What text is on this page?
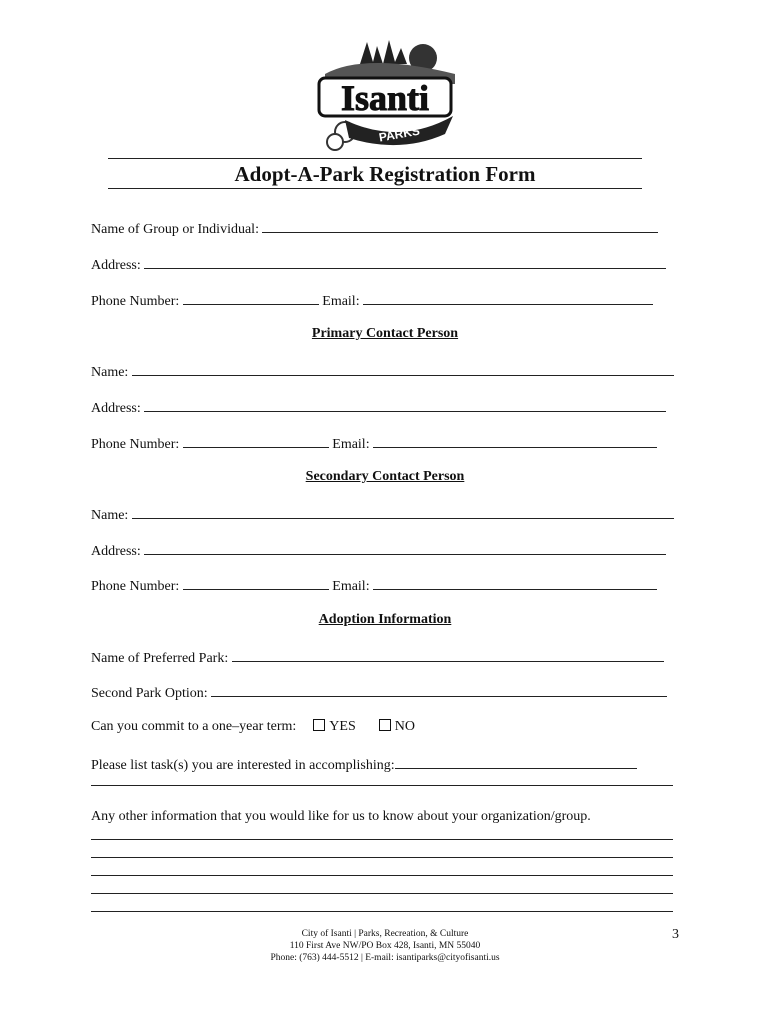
Isanti
PARKS
Adopt-A-Park Registration Form
Name of Group or Individual:
Address:
Phone Number:	Email:
Primary Contact Person
Name:
Address:
Phone Number:	Email:
Secondary Contact Person
Name:
Address:
Phone Number:	Email:
Adoption Information
Name of Preferred Park:
Second Park Option:
Can you commit to a one–year term: YES	NO
Please list task(s) you are interested in accomplishing:
Any other information that you would like for us to know about your organization/group.
City of Isanti | Parks, Recreation, & Culture
110 First Ave NW/PO Box 428, Isanti, MN 55040
Phone: (763) 444-5512 | E-mail: isantiparks@cityofisanti.us
3
